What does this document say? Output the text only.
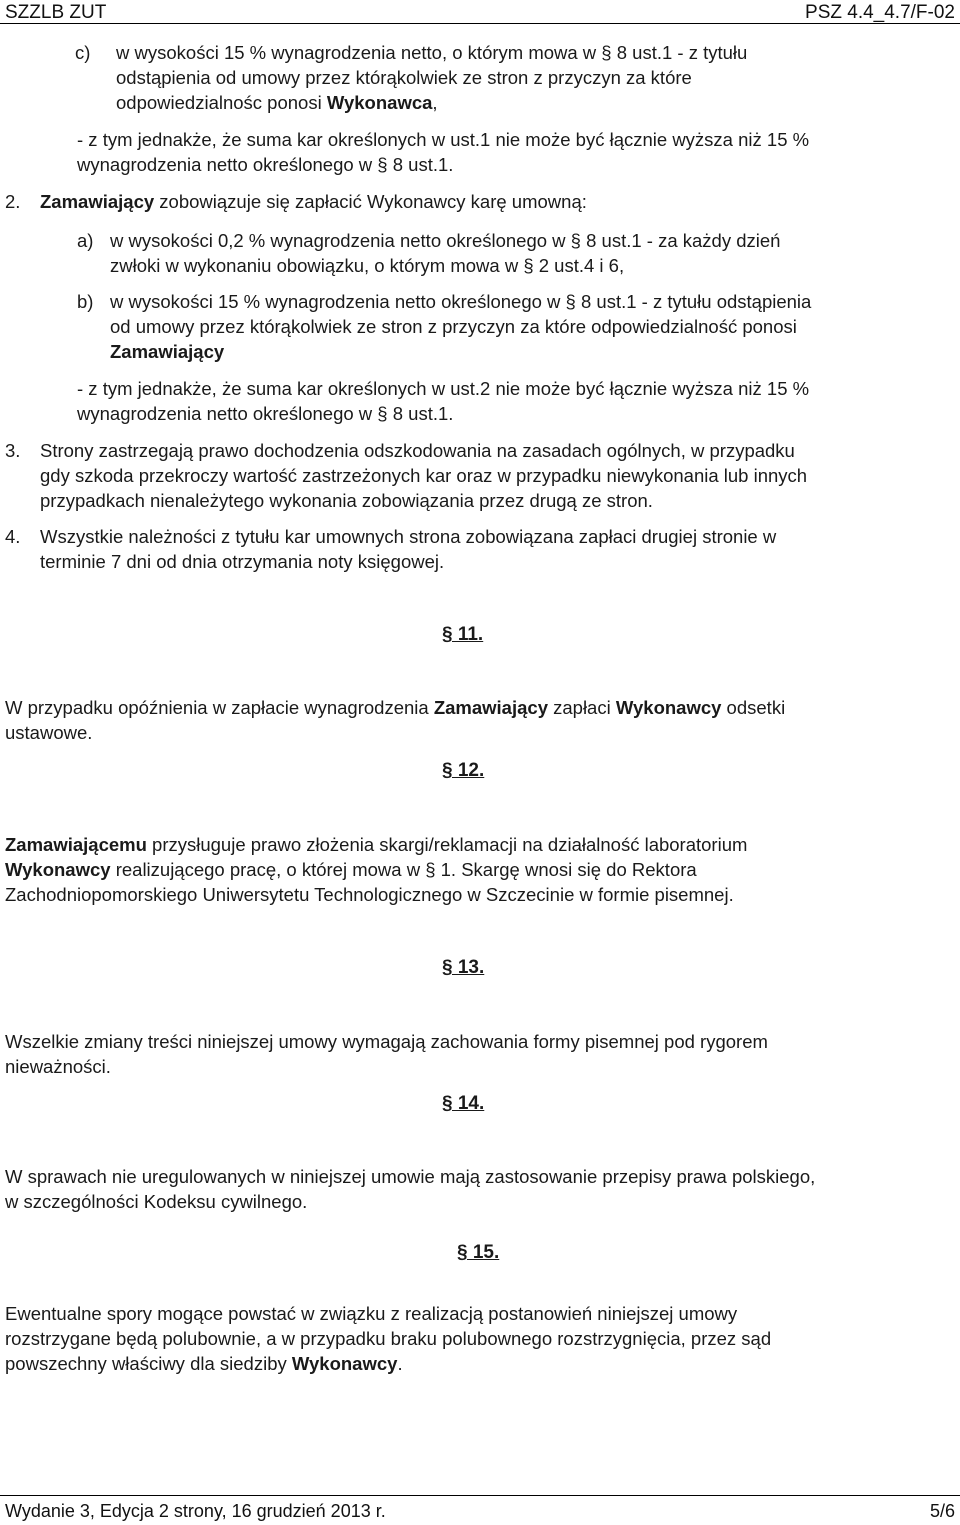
SZZLB ZUT	PSZ 4.4_4.7/F-02
c) w wysokości 15 % wynagrodzenia netto, o którym mowa w § 8 ust.1 - z tytułu
odstąpienia od umowy przez którąkolwiek ze stron z przyczyn za które
odpowiedzialnośc ponosi Wykonawca,
- z tym jednakże, że suma kar określonych w ust.1 nie może być łącznie wyższa niż 15 %
wynagrodzenia netto określonego w § 8 ust.1.
2. Zamawiający zobowiązuje się zapłacić Wykonawcy karę umowną:
a) w wysokości 0,2 % wynagrodzenia netto określonego w § 8 ust.1 - za każdy dzień
zwłoki w wykonaniu obowiązku, o którym mowa w § 2 ust.4 i 6,
b) w wysokości 15 % wynagrodzenia netto określonego w § 8 ust.1 - z tytułu odstąpienia
od umowy przez którąkolwiek ze stron z przyczyn za które odpowiedzialność ponosi
Zamawiający
- z tym jednakże, że suma kar określonych w ust.2 nie może być łącznie wyższa niż 15 %
wynagrodzenia netto określonego w § 8 ust.1.
3. Strony zastrzegają prawo dochodzenia odszkodowania na zasadach ogólnych, w przypadku
gdy szkoda przekroczy wartość zastrzeżonych kar oraz w przypadku niewykonania lub innych
przypadkach nienależytego wykonania zobowiązania przez drugą ze stron.
4. Wszystkie należności z tytułu kar umownych strona zobowiązana zapłaci drugiej stronie w
terminie 7 dni od dnia otrzymania noty księgowej.
§ 11.
W przypadku opóźnienia w zapłacie wynagrodzenia Zamawiający zapłaci Wykonawcy odsetki
ustawowe.
§ 12.
Zamawiającemu przysługuje prawo złożenia skargi/reklamacji na działalność laboratorium
Wykonawcy realizującego pracę, o której mowa w § 1. Skargę wnosi się do Rektora
Zachodniopomorskiego Uniwersytetu Technologicznego w Szczecinie w formie pisemnej.
§ 13.
Wszelkie zmiany treści niniejszej umowy wymagają zachowania formy pisemnej pod rygorem
nieważności.
§ 14.
W sprawach nie uregulowanych w niniejszej umowie mają zastosowanie przepisy prawa polskiego,
w szczególności Kodeksu cywilnego.
§ 15.
Ewentualne spory mogące powstać w związku z realizacją postanowień niniejszej umowy
rozstrzygane będą polubownie, a w przypadku braku polubownego rozstrzygnięcia, przez sąd
powszechny właściwy dla siedziby Wykonawcy.
Wydanie 3, Edycja 2 strony, 16 grudzień 2013 r.	5/6
